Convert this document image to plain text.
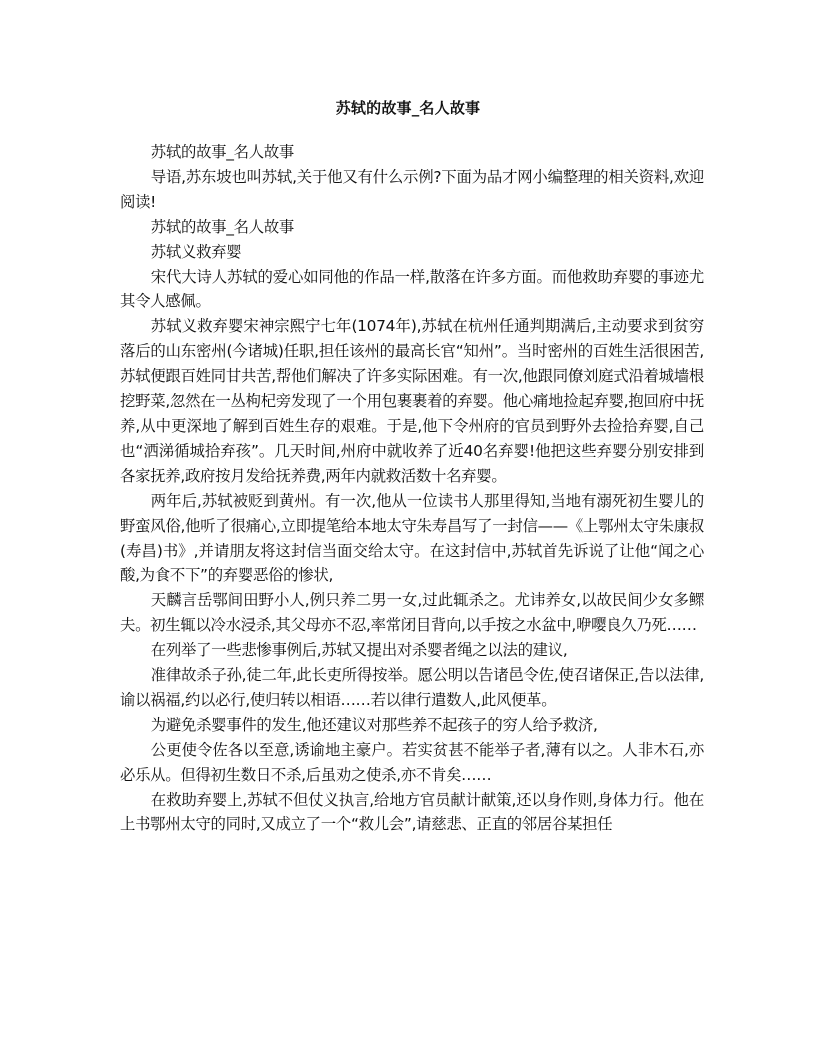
苏轼的故事_名人故事

苏轼的故事_名人故事

导语,苏东坡也叫苏轼,关于他又有什么示例?下面为品才网小编整理的相关资料,欢迎阅读!

苏轼的故事_名人故事

苏轼义救弃婴

宋代大诗人苏轼的爱心如同他的作品一样,散落在许多方面。而他救助弃婴的事迹尤其令人感佩。

苏轼义救弃婴宋神宗熙宁七年(1074年),苏轼在杭州任通判期满后,主动要求到贫穷落后的山东密州(今诸城)任职,担任该州的最高长官“知州”。当时密州的百姓生活很困苦,苏轼便跟百姓同甘共苦,帮他们解决了许多实际困难。有一次,他跟同僚刘庭式沿着城墙根挖野菜,忽然在一丛枸杞旁发现了一个用包裹裹着的弃婴。他心痛地捡起弃婴,抱回府中抚养,从中更深地了解到百姓生存的艰难。于是,他下令州府的官员到野外去捡拾弃婴,自己也“洒涕循城拾弃孩”。几天时间,州府中就收养了近40名弃婴!他把这些弃婴分别安排到各家抚养,政府按月发给抚养费,两年内就救活数十名弃婴。

两年后,苏轼被贬到黄州。有一次,他从一位读书人那里得知,当地有溺死初生婴儿的野蛮风俗,他听了很痛心,立即提笔给本地太守朱寿昌写了一封信——《上鄂州太守朱康叔(寿昌)书》,并请朋友将这封信当面交给太守。在这封信中,苏轼首先诉说了让他“闻之心酸,为食不下”的弃婴恶俗的惨状,

天麟言岳鄂间田野小人,例只养二男一女,过此辄杀之。尤讳养女,以故民间少女多鳏夫。初生辄以冷水浸杀,其父母亦不忍,率常闭目背向,以手按之水盆中,咿嘤良久乃死……

在列举了一些悲惨事例后,苏轼又提出对杀婴者绳之以法的建议,

准律故杀子孙,徒二年,此长吏所得按举。愿公明以告诸邑令佐,使召诸保正,告以法律,谕以祸福,约以必行,使归转以相语……若以律行遣数人,此风便革。

为避免杀婴事件的发生,他还建议对那些养不起孩子的穷人给予救济,

公更使令佐各以至意,诱谕地主豪户。若实贫甚不能举子者,薄有以之。人非木石,亦必乐从。但得初生数日不杀,后虽劝之使杀,亦不肯矣……

在救助弃婴上,苏轼不但仗义执言,给地方官员献计献策,还以身作则,身体力行。他在上书鄂州太守的同时,又成立了一个“救儿会”,请慈悲、正直的邻居谷某担任
